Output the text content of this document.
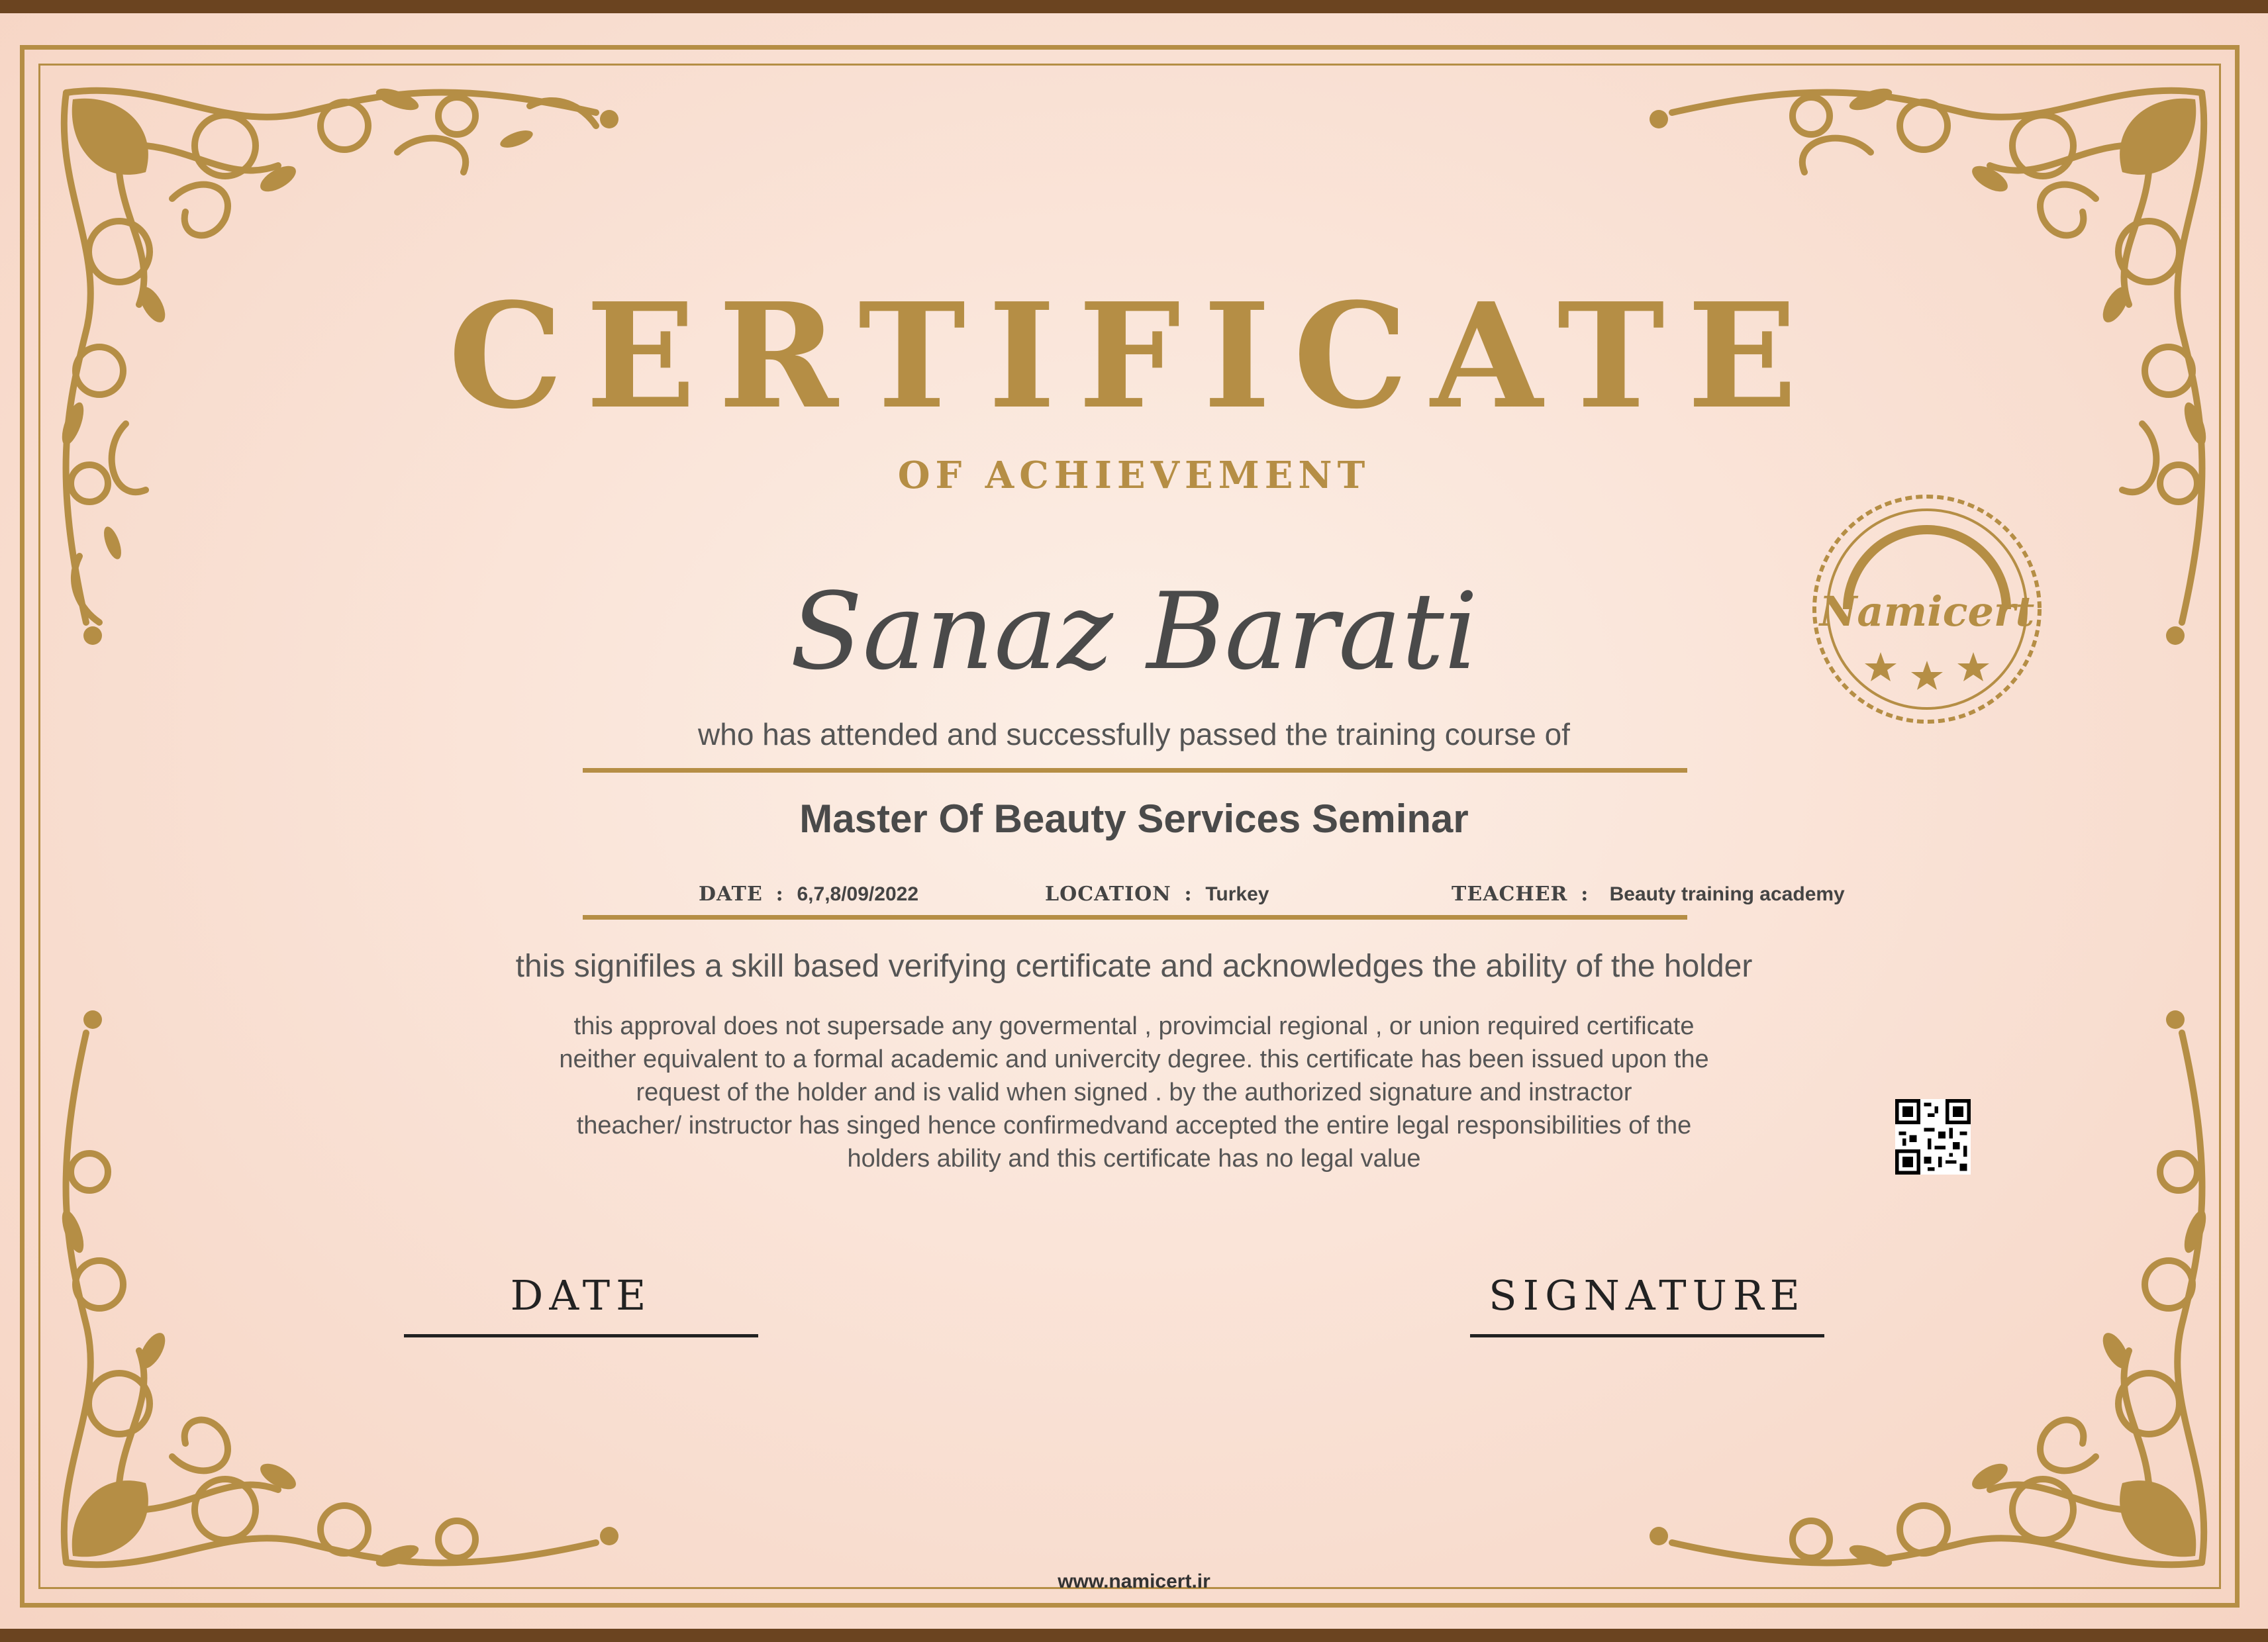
CERTIFICATE
OF ACHIEVEMENT
Sanaz Barati
who has attended and successfully passed the training course of
Master Of Beauty Services Seminar
DATE  :  6,7,8/09/2022	LOCATION  :  Turkey	TEACHER  :   Beauty training academy
this signifiles a skill based verifying certificate and acknowledges the ability of the holder
this approval does not supersade any govermental , provimcial regional , or union required certificate
neither equivalent to a formal academic and univercity degree. this certificate has been issued upon the
request of the holder and is valid when signed . by the authorized signature and instractor
theacher/ instructor has singed hence confirmedvand accepted the entire legal responsibilities of the
holders ability and this certificate has no legal value
Namicert
DATE	SIGNATURE
www.namicert.ir
